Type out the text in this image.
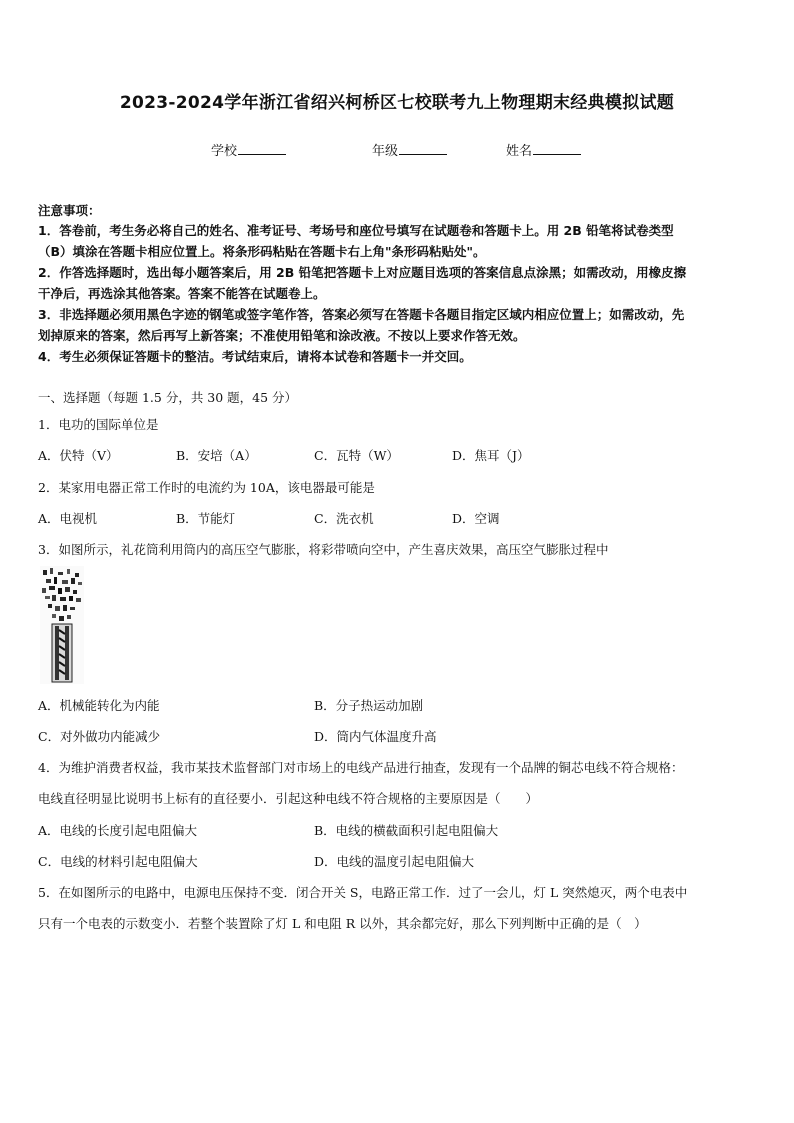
2023-2024学年浙江省绍兴柯桥区七校联考九上物理期末经典模拟试题
学校	年级	姓名
注意事项：
1．答卷前，考生务必将自己的姓名、准考证号、考场号和座位号填写在试题卷和答题卡上。用 2B 铅笔将试卷类型
（B）填涂在答题卡相应位置上。将条形码粘贴在答题卡右上角"条形码粘贴处"。
2．作答选择题时，选出每小题答案后，用 2B 铅笔把答题卡上对应题目选项的答案信息点涂黑；如需改动，用橡皮擦
干净后，再选涂其他答案。答案不能答在试题卷上。
3．非选择题必须用黑色字迹的钢笔或签字笔作答，答案必须写在答题卡各题目指定区域内相应位置上；如需改动，先
划掉原来的答案，然后再写上新答案；不准使用铅笔和涂改液。不按以上要求作答无效。
4．考生必须保证答题卡的整洁。考试结束后，请将本试卷和答题卡一并交回。
一、选择题（每题 1.5 分，共 30 题，45 分）
1．电功的国际单位是
A．伏特（V）	B．安培（A）	C．瓦特（W）	D．焦耳（J）
2．某家用电器正常工作时的电流约为 10A，该电器最可能是
A．电视机	B．节能灯	C．洗衣机	D．空调
3．如图所示，礼花筒利用筒内的高压空气膨胀，将彩带喷向空中，产生喜庆效果，高压空气膨胀过程中
A．机械能转化为内能	B．分子热运动加剧
C．对外做功内能减少	D．筒内气体温度升高
4．为维护消费者权益，我市某技术监督部门对市场上的电线产品进行抽查，发现有一个品牌的铜芯电线不符合规格：
电线直径明显比说明书上标有的直径要小．引起这种电线不符合规格的主要原因是（　　）
A．电线的长度引起电阻偏大	B．电线的横截面积引起电阻偏大
C．电线的材料引起电阻偏大	D．电线的温度引起电阻偏大
5．在如图所示的电路中，电源电压保持不变．闭合开关 S，电路正常工作．过了一会儿，灯 L 突然熄灭，两个电表中
只有一个电表的示数变小．若整个装置除了灯 L 和电阻 R 以外，其余都完好，那么下列判断中正确的是（　）
